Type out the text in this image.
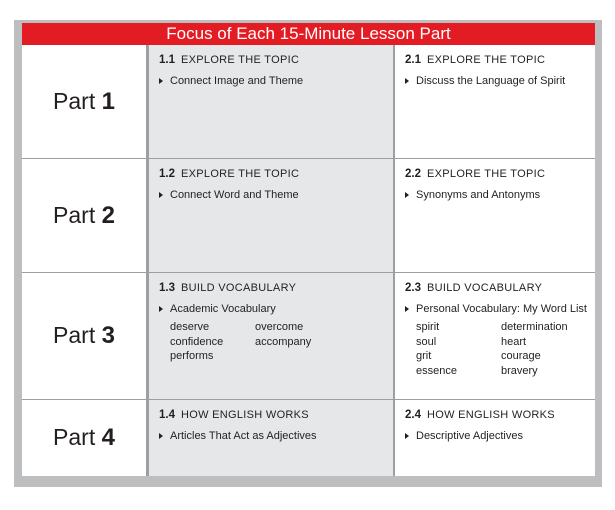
Focus of Each 15-Minute Lesson Part
Part 1
1.1 EXPLORE THE TOPIC
Connect Image and Theme
2.1 EXPLORE THE TOPIC
Discuss the Language of Spirit
Part 2
1.2 EXPLORE THE TOPIC
Connect Word and Theme
2.2 EXPLORE THE TOPIC
Synonyms and Antonyms
Part 3
1.3 BUILD VOCABULARY
Academic Vocabulary
deserve	overcome
confidence	accompany
performs
2.3 BUILD VOCABULARY
Personal Vocabulary: My Word List
spirit	determination
soul	heart
grit	courage
essence	bravery
Part 4
1.4 HOW ENGLISH WORKS
Articles That Act as Adjectives
2.4 HOW ENGLISH WORKS
Descriptive Adjectives
